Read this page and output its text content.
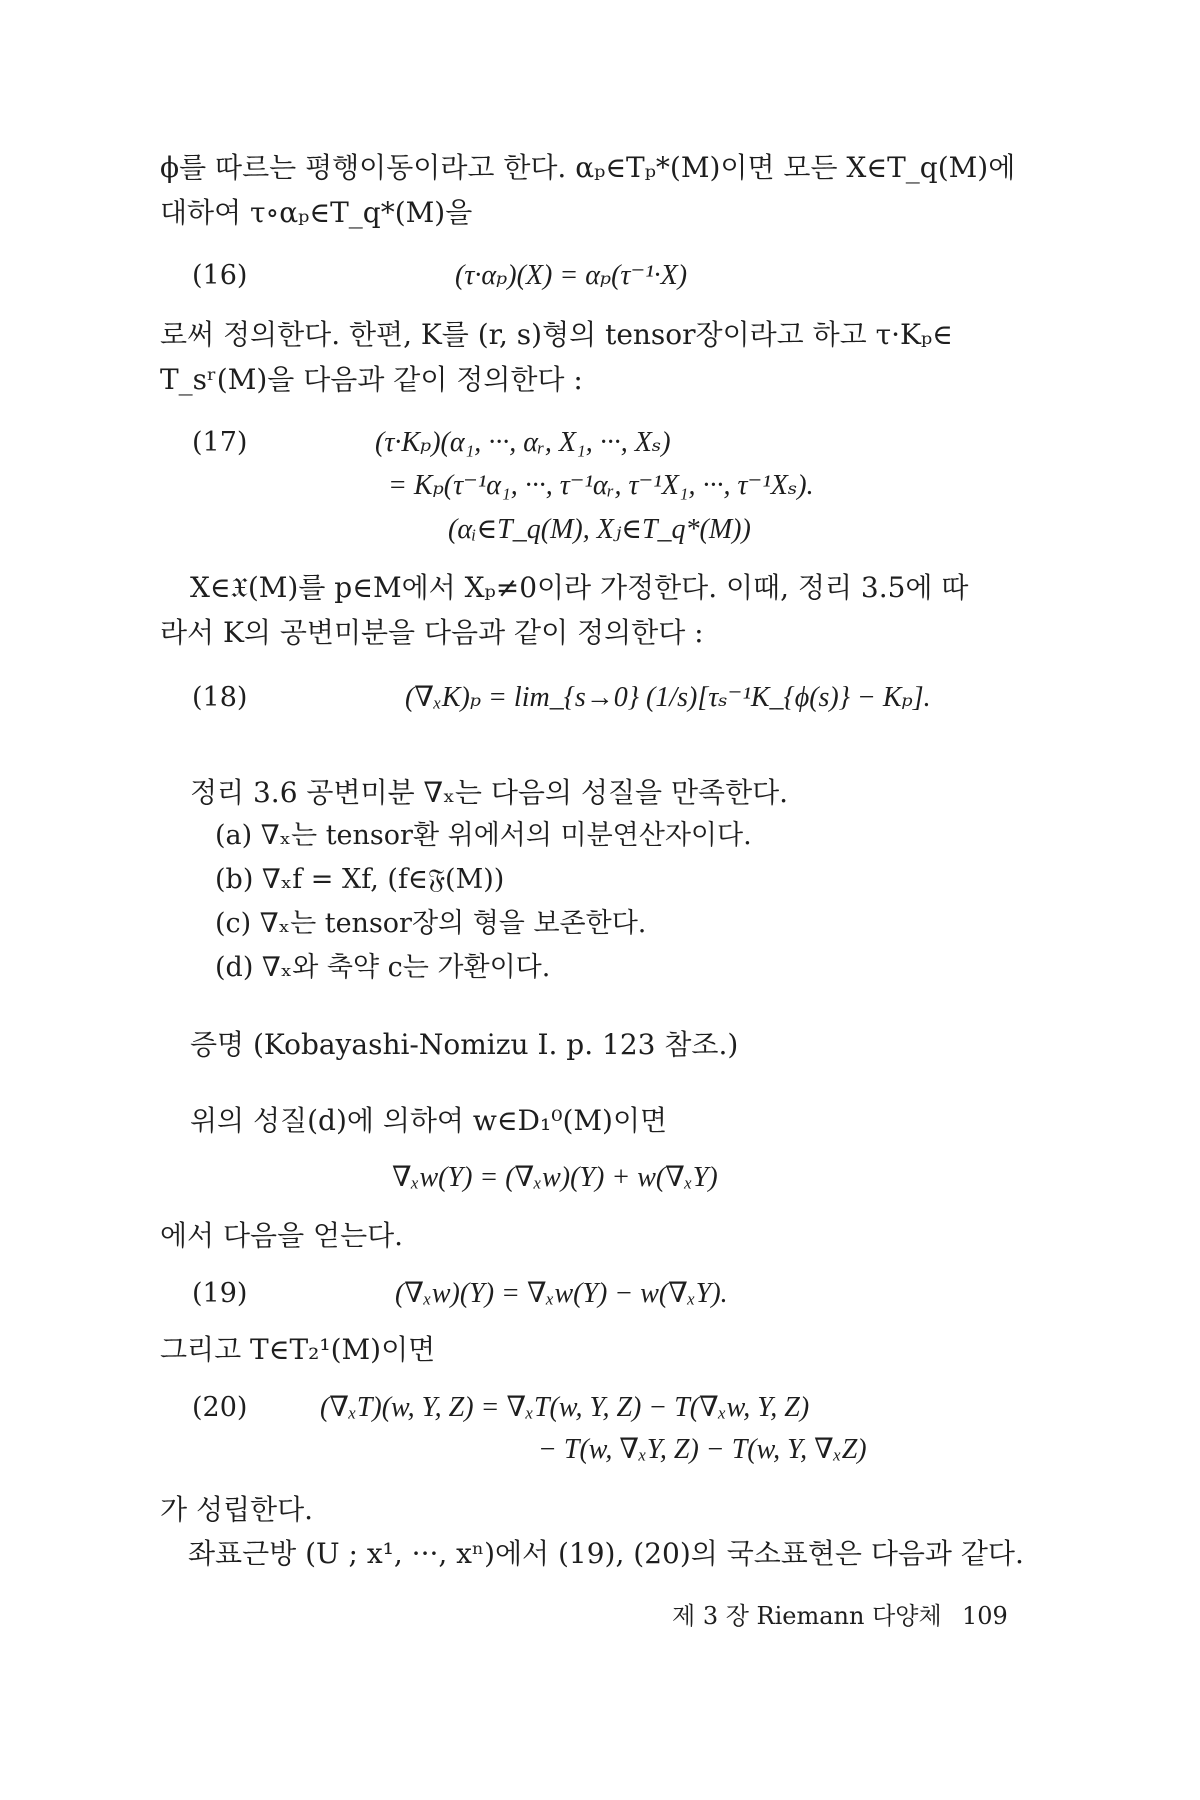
ϕ를 따르는 평행이동이라고 한다. αₚ∈Tₚ*(M)이면 모든 X∈T_q(M)에
대하여 τ∘αₚ∈T_q*(M)을
(16)	(τ·αₚ)(X) = αₚ(τ⁻¹·X)
로써 정의한다. 한편, K를 (r, s)형의 tensor장이라고 하고 τ·Kₚ∈
T_sʳ(M)을 다음과 같이 정의한다 :
(17)	(τ·Kₚ)(α₁, ···, αᵣ, X₁, ···, Xₛ)
= Kₚ(τ⁻¹α₁, ···, τ⁻¹αᵣ, τ⁻¹X₁, ···, τ⁻¹Xₛ).
(αᵢ∈T_q(M), Xⱼ∈T_q*(M))
X∈𝔛(M)를 p∈M에서 Xₚ≠0이라 가정한다. 이때, 정리 3.5에 따
라서 K의 공변미분을 다음과 같이 정의한다 :
(18)	(∇ₓK)ₚ = lim_{s→0} (1/s)[τₛ⁻¹K_{ϕ(s)} − Kₚ].
정리 3.6 공변미분 ∇ₓ는 다음의 성질을 만족한다.
(a) ∇ₓ는 tensor환 위에서의 미분연산자이다.
(b) ∇ₓf = Xf, (f∈𝔉(M))
(c) ∇ₓ는 tensor장의 형을 보존한다.
(d) ∇ₓ와 축약 c는 가환이다.
증명 (Kobayashi-Nomizu I. p. 123 참조.)
위의 성질(d)에 의하여 w∈D₁⁰(M)이면
∇ₓw(Y) = (∇ₓw)(Y) + w(∇ₓY)
에서 다음을 얻는다.
(19)	(∇ₓw)(Y) = ∇ₓw(Y) − w(∇ₓY).
그리고 T∈T₂¹(M)이면
(20)	(∇ₓT)(w, Y, Z) = ∇ₓT(w, Y, Z) − T(∇ₓw, Y, Z)
− T(w, ∇ₓY, Z) − T(w, Y, ∇ₓZ)
가 성립한다.
좌표근방 (U ; x¹, ···, xⁿ)에서 (19), (20)의 국소표현은 다음과 같다.
제 3 장 Riemann 다양체 109
